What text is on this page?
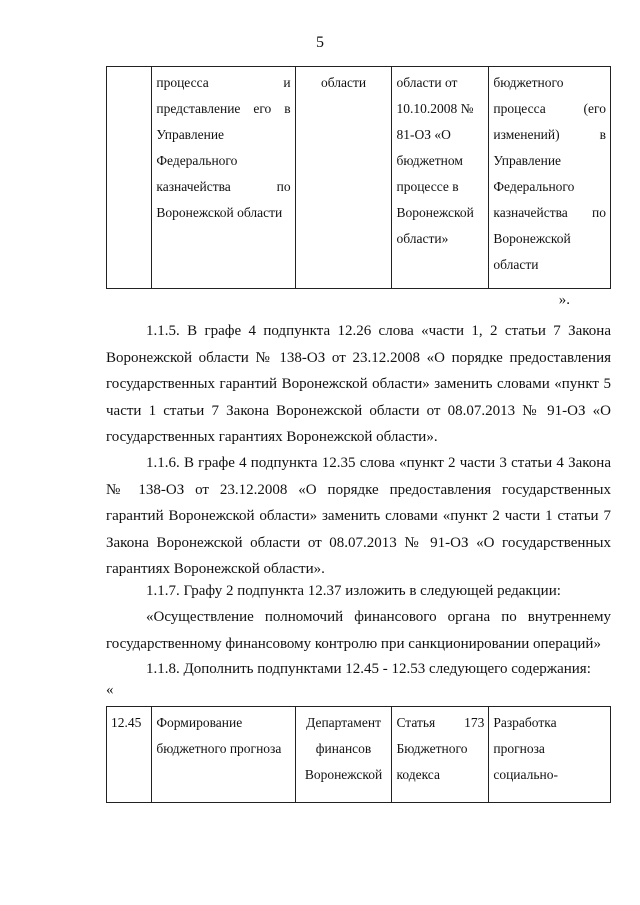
5
	процесса и представление его в Управление Федерального казначейства по Воронежской области	области	области от 10.10.2008 № 81-ОЗ «О бюджетном процессе в Воронежской области»	бюджетного процесса (его изменений) в Управление Федерального казначейства по Воронежской области
».

1.1.5. В графе 4 подпункта 12.26 слова «части 1, 2 статьи 7 Закона Воронежской области № 138-ОЗ от 23.12.2008 «О порядке предоставления государственных гарантий Воронежской области» заменить словами «пункт 5 части 1 статьи 7 Закона Воронежской области от 08.07.2013 № 91-ОЗ «О государственных гарантиях Воронежской области».

1.1.6. В графе 4 подпункта 12.35 слова «пункт 2 части 3 статьи 4 Закона № 138-ОЗ от 23.12.2008 «О порядке предоставления государственных гарантий Воронежской области» заменить словами «пункт 2 части 1 статьи 7 Закона Воронежской области от 08.07.2013 № 91-ОЗ «О государственных гарантиях Воронежской области».

1.1.7. Графу 2 подпункта 12.37 изложить в следующей редакции:

«Осуществление полномочий финансового органа по внутреннему государственному финансовому контролю при санкционировании операций»

1.1.8. Дополнить подпунктами 12.45 - 12.53 следующего содержания:

«
12.45	Формирование бюджетного прогноза	Департамент финансов Воронежской	Статья 173 Бюджетного кодекса	Разработка прогноза социально-
